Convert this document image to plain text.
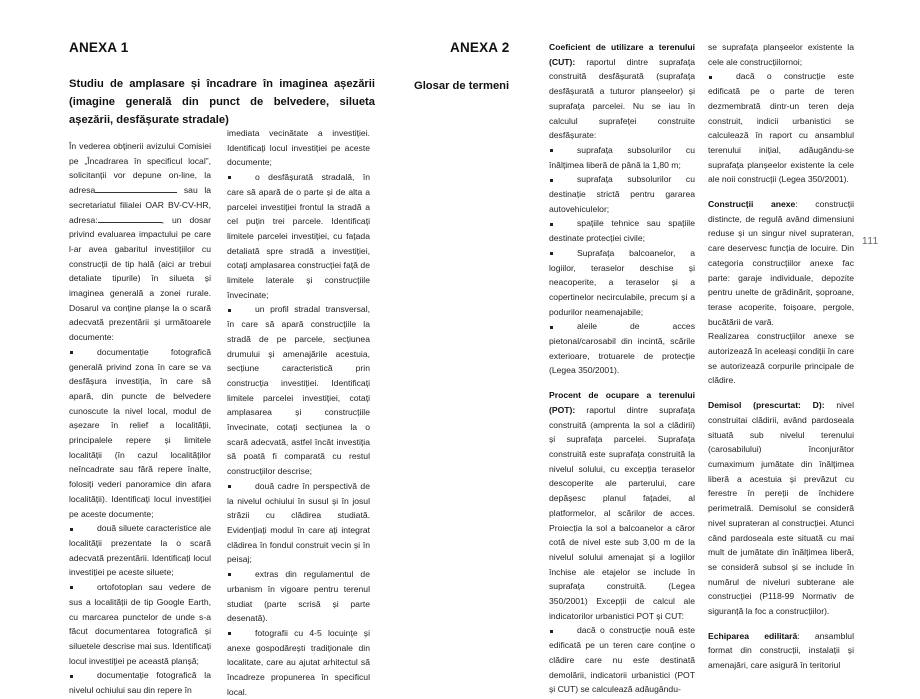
ANEXA 1
Studiu de amplasare și încadrare în imaginea așezării (imagine generală din punct de belvedere, silueta așezării, desfășurate stradale)

În vederea obținerii avizului Comisiei pe „Încadrarea în specificul local”, solicitanții vor depune on-line, la adresa	sau la secretariatul filialei OAR BV-CV-HR, adresa:	, un dosar privind evaluarea impactului pe care l-ar avea gabaritul investițiilor cu construcții de tip hală (aici ar trebui detaliate tipurile) în silueta și imaginea generală a zonei rurale. Dosarul va conține planșe la o scară adecvată prezentării și următoarele documente:

documentație fotografică generală privind zona în care se va desfășura investiția, în care să apară, din puncte de belvedere cunoscute la nivel local, modul de așezare în relief a localității, principalele repere și limitele localității (în cazul localităților neîncadrate sau fără repere înalte, folosiți vederi panoramice din afara localității). Identificați locul investiției pe aceste documente;

două siluete caracteristice ale localității prezentate la o scară adecvată prezentării. Identificați locul investiției pe aceste siluete;

ortofotoplan sau vedere de sus a localității de tip Google Earth, cu marcarea punctelor de unde s-a făcut documentarea fotografică și siluetele descrise mai sus. Identificați locul investiției pe această planșă;

documentație fotografică la nivelul ochiului sau din repere în

imediata vecinătate a investiției. Identificați locul investiției pe aceste documente;

o desfășurată stradală, în care să apară de o parte și de alta a parcelei investiției frontul la stradă a cel puțin trei parcele. Identificați limitele parcelei investiției, cu fațada detaliată spre stradă a investiției, cotați amplasarea construcției față de limitele laterale și construcțiile învecinate;

un profil stradal transversal, în care să apară construcțiile la stradă de pe parcele, secțiunea drumului și amenajările acestuia, secțiune caracteristică prin construcția investiției. Identificați limitele parcelei investiției, cotați amplasarea și construcțiile învecinate, cotați secțiunea la o scară adecvată, astfel încât investiția să poată fi comparată cu restul construcțiilor descrise;

două cadre în perspectivă de la nivelul ochiului în susul și în josul străzii cu clădirea studiată. Evidențiați modul în care ați integrat clădirea în fondul construit vecin și în peisaj;

extras din regulamentul de urbanism în vigoare pentru terenul studiat (parte scrisă și parte desenată).

fotografii cu 4-5 locuințe și anexe gospodărești tradiționale din localitate, care au ajutat arhitectul să încadreze propunerea în specificul local.

ANEXA 2
Glosar de termeni

Coeficient de utilizare a terenului (CUT): raportul dintre suprafața construită desfășurată (suprafața desfășurată a tuturor planșeelor) și suprafața parcelei. Nu se iau în calculul suprafeței construite desfășurate:

suprafața subsolurilor cu înălțimea liberă de până la 1,80 m;

suprafața subsolurilor cu destinație strictă pentru gararea autovehiculelor;

spațiile tehnice sau spațiile destinate protecției civile;

Suprafața balcoanelor, a logiilor, teraselor deschise și neacoperite, a teraselor și a copertinelor necirculabile, precum și a podurilor neamenajabile;

aleile de acces pietonal/carosabil din incintă, scările exterioare, trotuarele de protecție (Legea 350/2001).

Procent de ocupare a terenului (POT): raportul dintre suprafața construită (amprenta la sol a clădirii) și suprafața parcelei. Suprafața construită este suprafața construită la nivelul solului, cu excepția teraselor descoperite ale parterului, care depășesc planul fațadei, al platformelor, al scărilor de acces. Proiecția la sol a balcoanelor a căror cotă de nivel este sub 3,00 m de la nivelul solului amenajat și a logiilor închise ale etajelor se include în suprafața construită. (Legea 350/2001) Excepții de calcul ale indicatorilor urbanistici POT și CUT:

dacă o construcție nouă este edificată pe un teren care conține o clădire care nu este destinată demolării, indicatorii urbanistici (POT și CUT) se calculează adăugându-

se suprafața planșeelor existente la cele ale construcțiilornoi;

dacă o construcție este edificată pe o parte de teren dezmembrată dintr-un teren deja construit, indicii urbanistici se calculează în raport cu ansamblul terenului inițial, adăugându-se suprafața planșeelor existente la cele ale noii construcții (Legea 350/2001).

Construcții anexe: construcții distincte, de regulă având dimensiuni reduse și un singur nivel suprateran, care deservesc funcția de locuire. Din categoria construcțiilor anexe fac parte: garaje individuale, depozite pentru unelte de grădinărit, șoproane, terase acoperite, foișoare, pergole, bucătării de vară.

Realizarea construcțiilor anexe se autorizează în aceleași condiții în care se autorizează corpurile principale de clădire.

Demisol (prescurtat: D): nivel construitai clădirii, având pardoseala situată sub nivelul terenului (carosabilului) înconjurător cumaximum jumătate din înălțimea liberă a acestuia și prevăzut cu ferestre în pereții de închidere perimetrală. Demisolul se consideră nivel suprateran al construcției. Atunci când pardoseala este situată cu mai mult de jumătate din înălțimea liberă, se consideră subsol și se include în numărul de niveluri subterane ale construcției (P118-99 Normativ de siguranță la foc a construcțiilor).

Echiparea edilitară: ansamblul format din construcții, instalații și amenajări, care asigură în teritoriul

111
